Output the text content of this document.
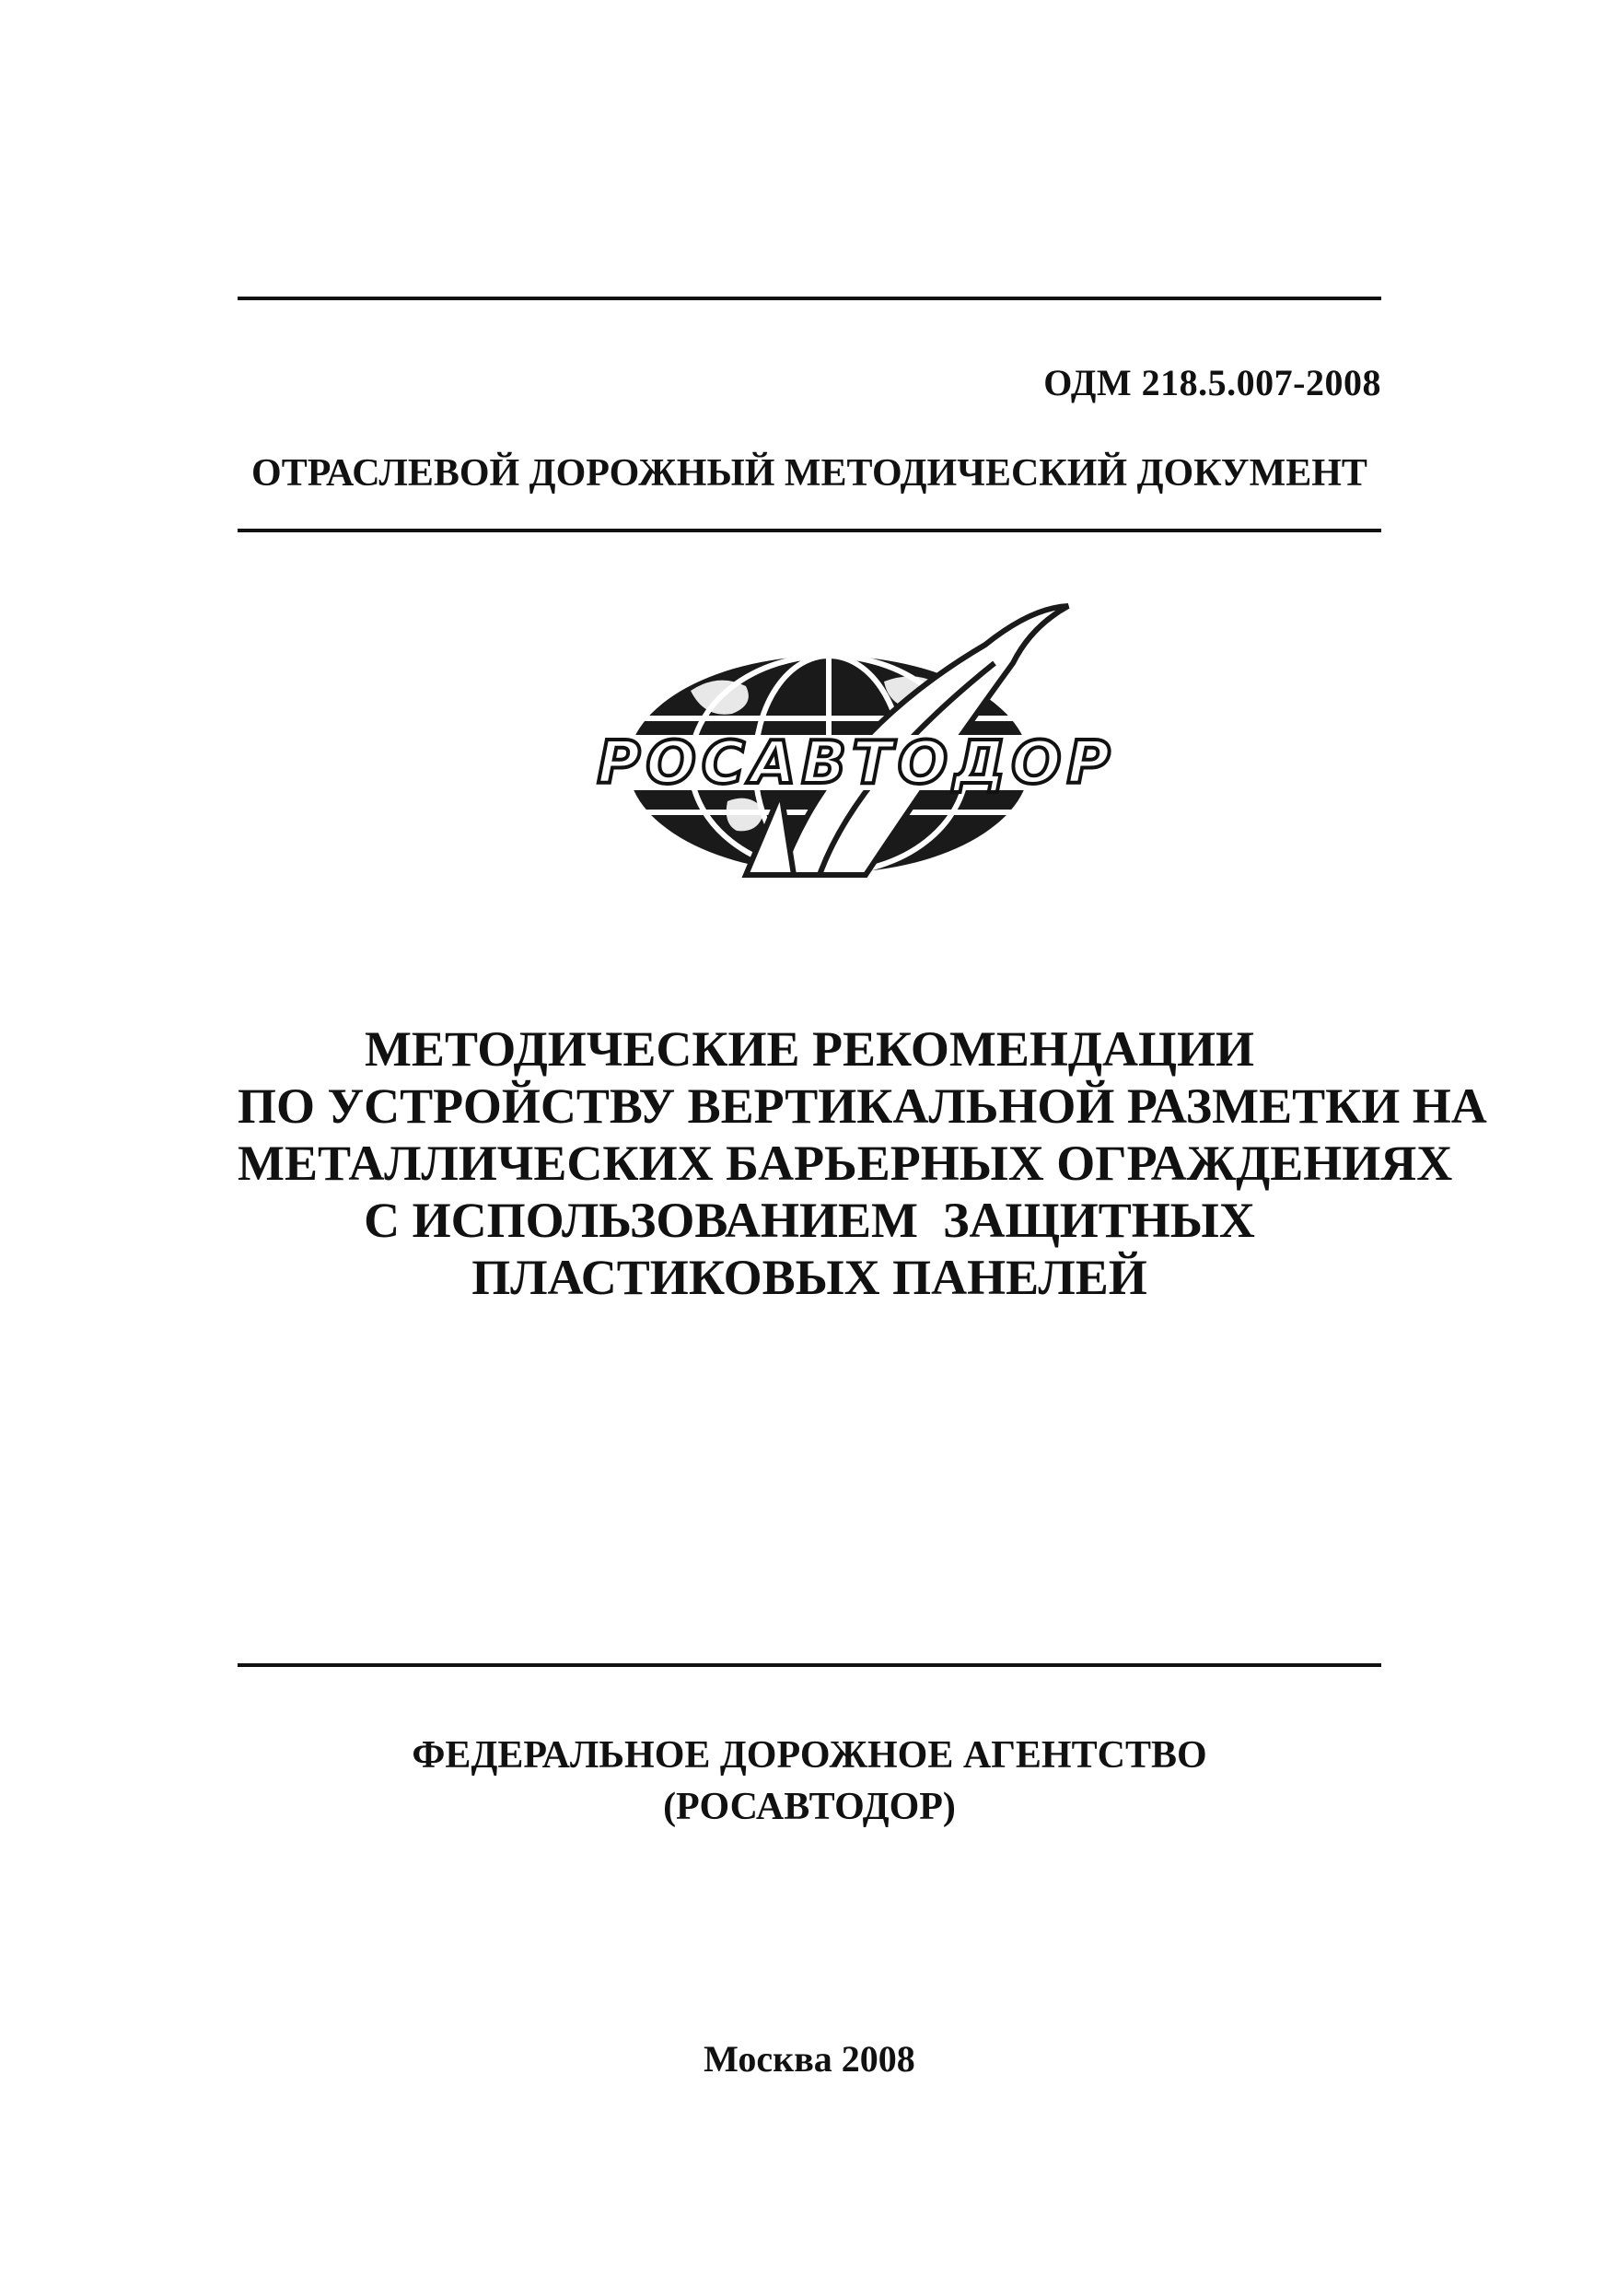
ОДМ 218.5.007-2008
ОТРАСЛЕВОЙ ДОРОЖНЫЙ МЕТОДИЧЕСКИЙ ДОКУМЕНТ
РОСАВТОДОР
МЕТОДИЧЕСКИЕ РЕКОМЕНДАЦИИ
ПО УСТРОЙСТВУ ВЕРТИКАЛЬНОЙ РАЗМЕТКИ НА
МЕТАЛЛИЧЕСКИХ БАРЬЕРНЫХ ОГРАЖДЕНИЯХ
С ИСПОЛЬЗОВАНИЕМ  ЗАЩИТНЫХ
ПЛАСТИКОВЫХ ПАНЕЛЕЙ
ФЕДЕРАЛЬНОЕ ДОРОЖНОЕ АГЕНТСТВО
(РОСАВТОДОР)
Москва 2008
